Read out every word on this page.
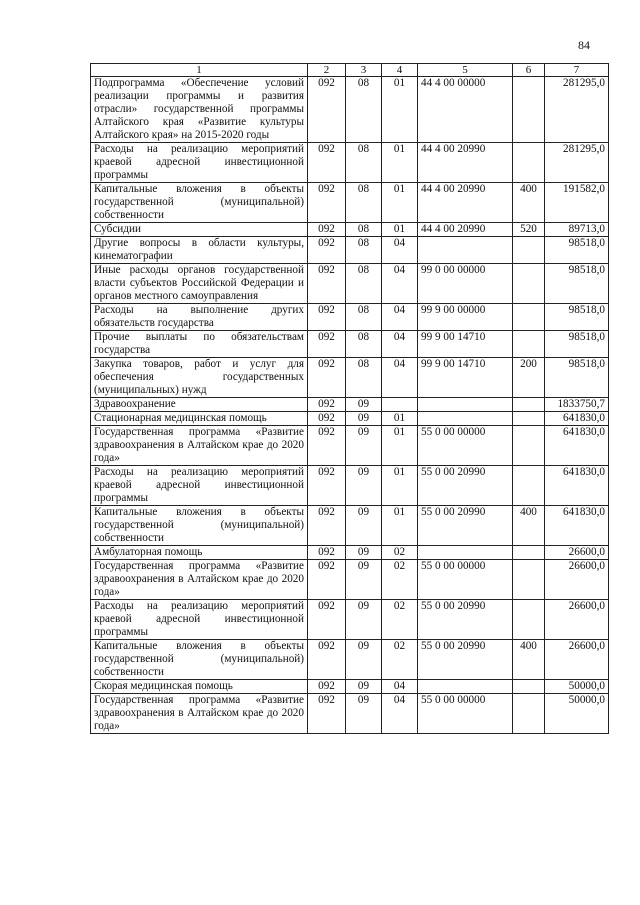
84
1	2	3	4	5	6	7
Подпрограмма «Обеспечение условий реализации программы и развития отрасли» государственной программы Алтайского края «Развитие культуры Алтайского края» на 2015-2020 годы	092	08	01	44 4 00 00000		281295,0
Расходы на реализацию мероприятий краевой адресной инвестиционной программы	092	08	01	44 4 00 20990		281295,0
Капитальные вложения в объекты государственной (муниципальной) собственности	092	08	01	44 4 00 20990	400	191582,0
Субсидии	092	08	01	44 4 00 20990	520	89713,0
Другие вопросы в области культуры, кинематографии	092	08	04			98518,0
Иные расходы органов государственной власти субъектов Российской Федерации и органов местного самоуправления	092	08	04	99 0 00 00000		98518,0
Расходы на выполнение других обязательств государства	092	08	04	99 9 00 00000		98518,0
Прочие выплаты по обязательствам государства	092	08	04	99 9 00 14710		98518,0
Закупка товаров, работ и услуг для обеспечения государственных (муниципальных) нужд	092	08	04	99 9 00 14710	200	98518,0
Здравоохранение	092	09				1833750,7
Стационарная медицинская помощь	092	09	01			641830,0
Государственная программа «Развитие здравоохранения в Алтайском крае до 2020 года»	092	09	01	55 0 00 00000		641830,0
Расходы на реализацию мероприятий краевой адресной инвестиционной программы	092	09	01	55 0 00 20990		641830,0
Капитальные вложения в объекты государственной (муниципальной) собственности	092	09	01	55 0 00 20990	400	641830,0
Амбулаторная помощь	092	09	02			26600,0
Государственная программа «Развитие здравоохранения в Алтайском крае до 2020 года»	092	09	02	55 0 00 00000		26600,0
Расходы на реализацию мероприятий краевой адресной инвестиционной программы	092	09	02	55 0 00 20990		26600,0
Капитальные вложения в объекты государственной (муниципальной) собственности	092	09	02	55 0 00 20990	400	26600,0
Скорая медицинская помощь	092	09	04			50000,0
Государственная программа «Развитие здравоохранения в Алтайском крае до 2020 года»	092	09	04	55 0 00 00000		50000,0
